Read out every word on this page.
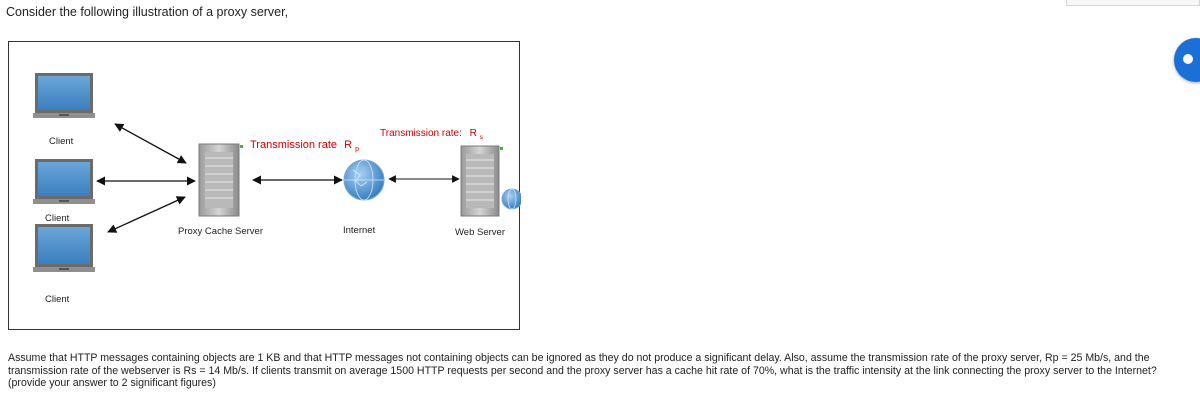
Consider the following illustration of a proxy server,
Client
Client
Client
Proxy Cache Server
Transmission rate R $_p$
Internet
Transmission rate: R $_s$
Web Server
Assume that HTTP messages containing objects are 1 KB and that HTTP messages not containing objects can be ignored as they do not produce a significant delay. Also, assume the transmission rate of the proxy server, Rp = 25 Mb/s, and the transmission rate of the webserver is Rs = 14 Mb/s. If clients transmit on average 1500 HTTP requests per second and the proxy server has a cache hit rate of 70%, what is the traffic intensity at the link connecting the proxy server to the Internet? (provide your answer to 2 significant figures)
